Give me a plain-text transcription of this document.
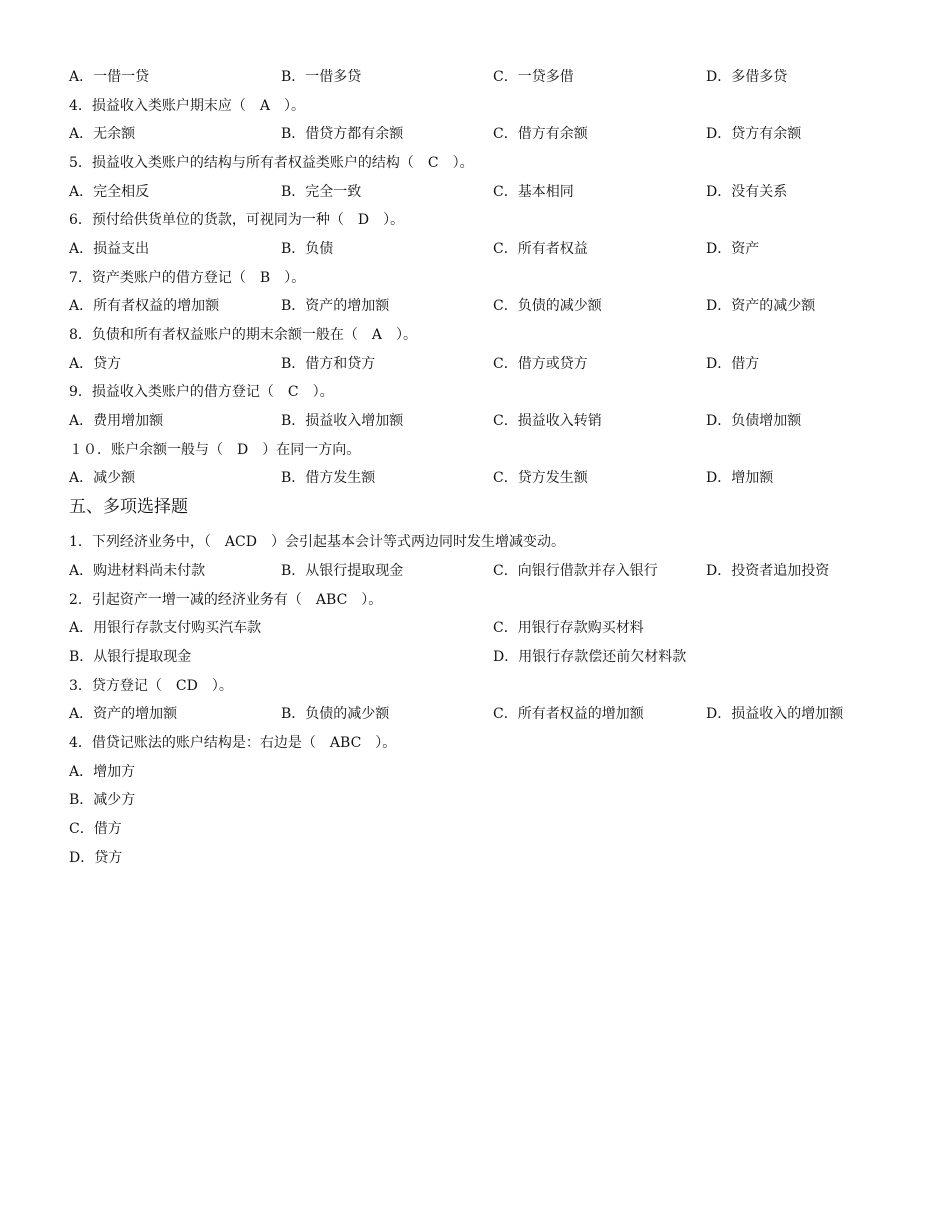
A．一借一贷	B．一借多贷	C．一贷多借	D．多借多贷
4．损益收入类账户期末应（　A　）。
A．无余额	B．借贷方都有余额	C．借方有余额	D．贷方有余额
5．损益收入类账户的结构与所有者权益类账户的结构（　C　）。
A．完全相反	B．完全一致	C．基本相同	D．没有关系
6．预付给供货单位的货款，可视同为一种（　D　）。
A．损益支出	B．负债	C．所有者权益	D．资产
7．资产类账户的借方登记（　B　）。
A．所有者权益的增加额	B．资产的增加额	C．负债的减少额	D．资产的减少额
8．负债和所有者权益账户的期末余额一般在（　A　）。
A．贷方	B．借方和贷方	C．借方或贷方	D．借方
9．损益收入类账户的借方登记（　C　）。
A．费用增加额	B．损益收入增加额	C．损益收入转销	D．负债增加额
１０．账户余额一般与（　D　）在同一方向。
A．减少额	B．借方发生额	C．贷方发生额	D．增加额
五、多项选择题
1．下列经济业务中，（　ACD　）会引起基本会计等式两边同时发生增减变动。
A．购进材料尚未付款	B．从银行提取现金	C．向银行借款并存入银行	D．投资者追加投资
2．引起资产一增一减的经济业务有（　ABC　）。
A．用银行存款支付购买汽车款	C．用银行存款购买材料
B．从银行提取现金	D．用银行存款偿还前欠材料款
3．贷方登记（　CD　）。
A．资产的增加额	B．负债的减少额	C．所有者权益的增加额	D．损益收入的增加额
4．借贷记账法的账户结构是：右边是（　ABC　）。
A．增加方
B．减少方
C．借方
D．贷方
